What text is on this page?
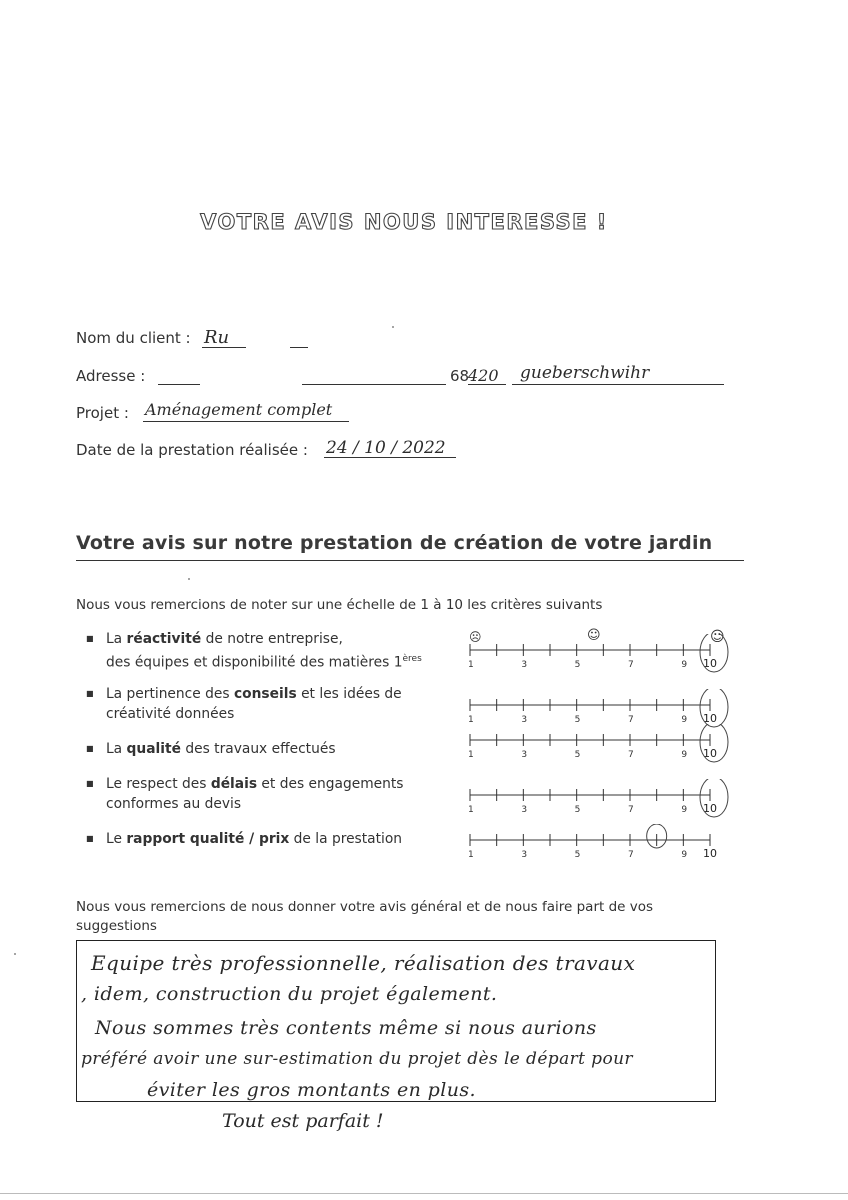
VOTRE AVIS NOUS INTERESSE !
Nom du client : Ru
Adresse :	68
420 gueberschwihr
Projet : Aménagement complet
Date de la prestation réalisée : 24 / 10 / 2022
Votre avis sur notre prestation de création de votre jardin
Nous vous remercions de noter sur une échelle de 1 à 10 les critères suivants
☹	☺	☺
■ La réactivité de notre entreprise,
des équipes et disponibilité des matières 1ères
1	3	5	7	9 10
■ La pertinence des conseils et les idées de
créativité données	1	3	5	7	9 10
■ La qualité des travaux effectués	1	3	5	7	9 10
■ Le respect des délais et des engagements
conformes au devis	1	3	5	7	9 10
■ Le rapport qualité / prix de la prestation
1	3	5	7	9 10
Nous vous remercions de nous donner votre avis général et de nous faire part de vos suggestions
Equipe très professionnelle, réalisation des travaux
, idem, construction du projet également.
Nous sommes très contents même si nous aurions
préféré avoir une sur-estimation du projet dès le départ pour
éviter les gros montants en plus.
Tout est parfait !
